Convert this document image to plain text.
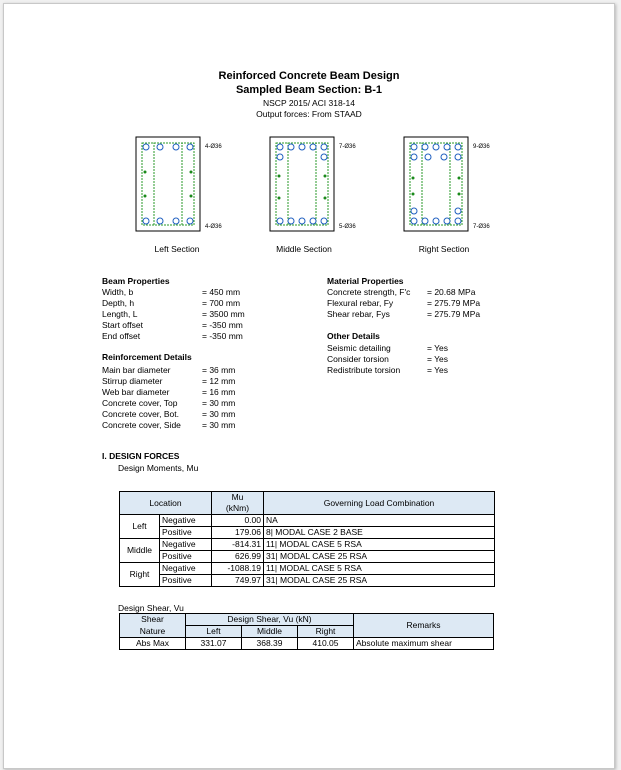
Reinforced Concrete Beam Design
Sampled Beam Section: B-1
NSCP 2015/ ACI 318-14
Output forces: From STAAD
4-Ø36
4-Ø36
Left Section
7-Ø36
5-Ø36
Middle Section
9-Ø36
7-Ø36
Right Section
Beam Properties
Width, b	= 450 mm
Depth, h	= 700 mm
Length, L	= 3500 mm
Start offset	= -350 mm
End offset	= -350 mm
Reinforcement Details
Main bar diameter	= 36 mm
Stirrup diameter	= 12 mm
Web bar diameter	= 16 mm
Concrete cover, Top	= 30 mm
Concrete cover, Bot.	= 30 mm
Concrete cover, Side = 30 mm
Material Properties
Concrete strength, F'c = 20.68 MPa
Flexural rebar, Fy	= 275.79 MPa
Shear rebar, Fys	= 275.79 MPa
Other Details
Seismic detailing	= Yes
Consider torsion	= Yes
Redistribute torsion	= Yes
I. DESIGN FORCES
Design Moments, Mu
Location		Mu	Governing Load Combination
		(kNm)	
Left	Negative	0.00	NA
	Positive	179.06	8| MODAL CASE 2 BASE
Middle	Negative	-814.31	11| MODAL CASE 5 RSA
	Positive	626.99	31| MODAL CASE 25 RSA
Right	Negative	-1088.19	11| MODAL CASE 5 RSA
	Positive	749.97	31| MODAL CASE 25 RSA
Design Shear, Vu
Shear	Design Shear, Vu (kN)			Remarks
Nature	Left	Middle	Right	
Abs Max	331.07	368.39	410.05	Absolute maximum shear
